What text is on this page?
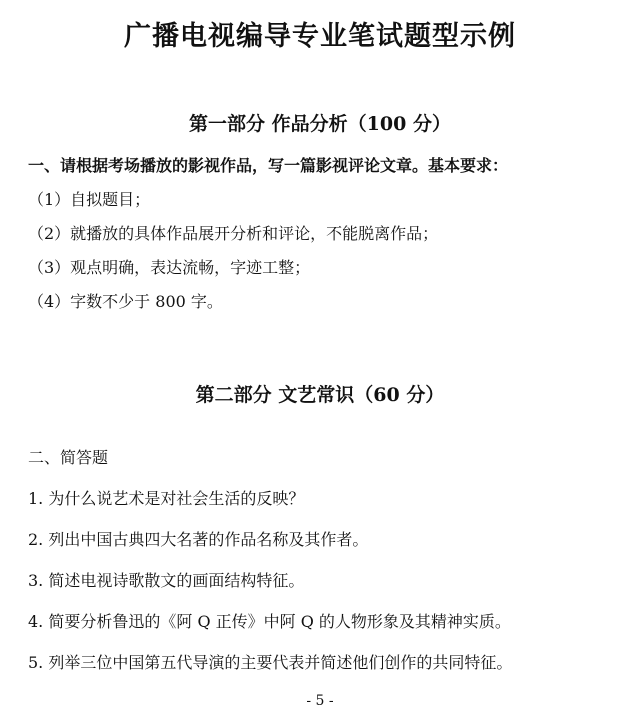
广播电视编导专业笔试题型示例
第一部分 作品分析（100 分）
一、请根据考场播放的影视作品，写一篇影视评论文章。基本要求：
（1）自拟题目；
（2）就播放的具体作品展开分析和评论，不能脱离作品；
（3）观点明确，表达流畅，字迹工整；
（4）字数不少于 800 字。
第二部分 文艺常识（60 分）
二、简答题
1. 为什么说艺术是对社会生活的反映？
2. 列出中国古典四大名著的作品名称及其作者。
3. 简述电视诗歌散文的画面结构特征。
4. 简要分析鲁迅的《阿 Q 正传》中阿 Q 的人物形象及其精神实质。
5. 列举三位中国第五代导演的主要代表并简述他们创作的共同特征。
- 5 -
